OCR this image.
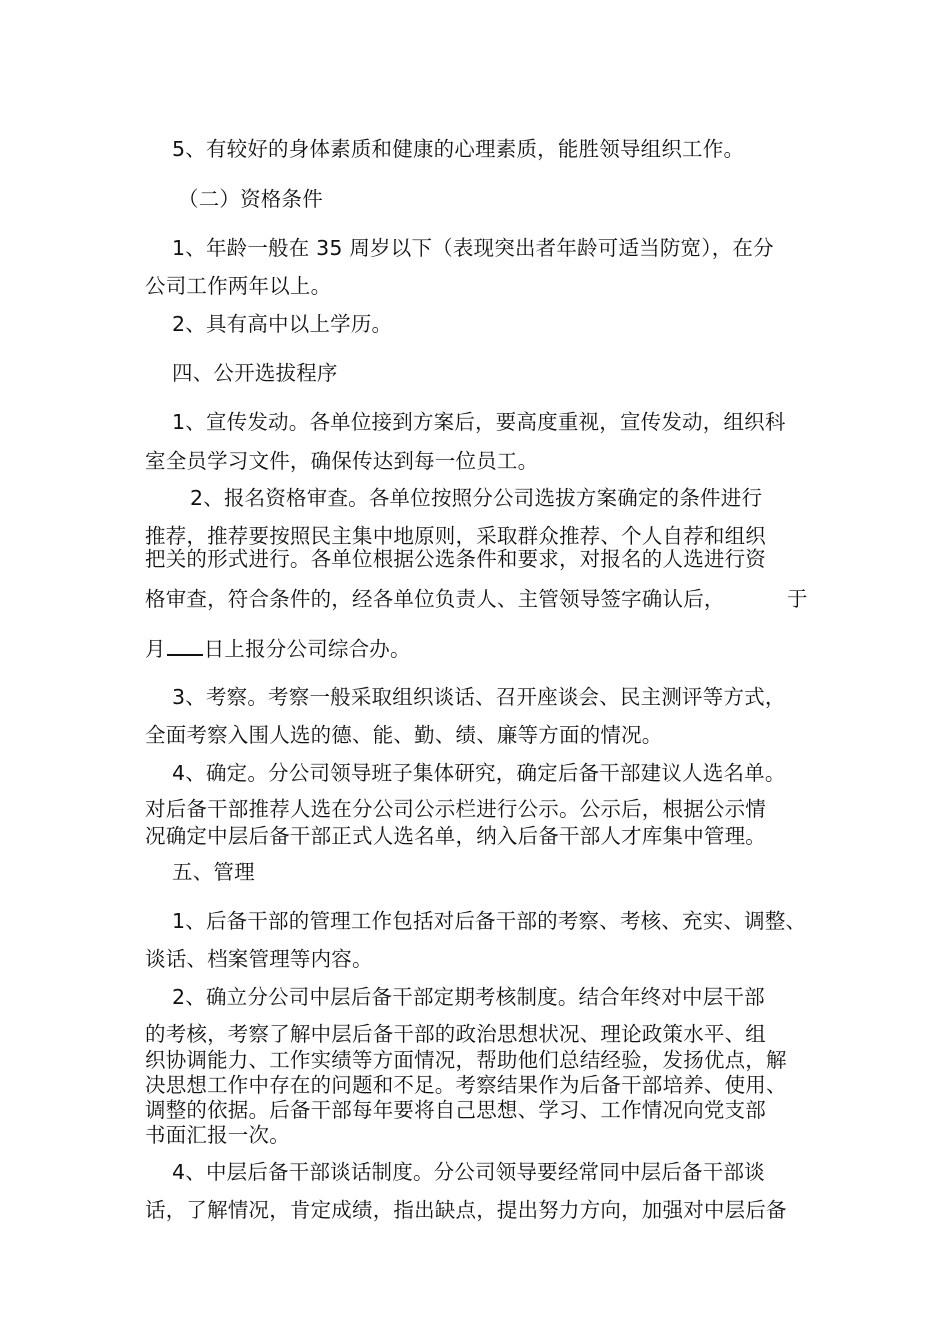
5、有较好的身体素质和健康的心理素质，能胜领导组织工作。
（二）资格条件
1、年龄一般在 35 周岁以下（表现突出者年龄可适当防宽），在分
公司工作两年以上。
2、具有高中以上学历。
四、公开选拔程序
1、宣传发动。各单位接到方案后，要高度重视，宣传发动，组织科
室全员学习文件，确保传达到每一位员工。
2、报名资格审查。各单位按照分公司选拔方案确定的条件进行
推荐，推荐要按照民主集中地原则，采取群众推荐、个人自荐和组织
把关的形式进行。各单位根据公选条件和要求，对报名的人选进行资
格审查，符合条件的，经各单位负责人、主管领导签字确认后，	于
月 日上报分公司综合办。
3、考察。考察一般采取组织谈话、召开座谈会、民主测评等方式，
全面考察入围人选的德、能、勤、绩、廉等方面的情况。
4、确定。分公司领导班子集体研究，确定后备干部建议人选名单。
对后备干部推荐人选在分公司公示栏进行公示。公示后，根据公示情
况确定中层后备干部正式人选名单，纳入后备干部人才库集中管理。
五、管理
1、后备干部的管理工作包括对后备干部的考察、考核、充实、调整、
谈话、档案管理等内容。
2、确立分公司中层后备干部定期考核制度。结合年终对中层干部
的考核，考察了解中层后备干部的政治思想状况、理论政策水平、组
织协调能力、工作实绩等方面情况，帮助他们总结经验，发扬优点，解
决思想工作中存在的问题和不足。考察结果作为后备干部培养、使用、
调整的依据。后备干部每年要将自己思想、学习、工作情况向党支部
书面汇报一次。
4、中层后备干部谈话制度。分公司领导要经常同中层后备干部谈
话，了解情况，肯定成绩，指出缺点，提出努力方向，加强对中层后备
